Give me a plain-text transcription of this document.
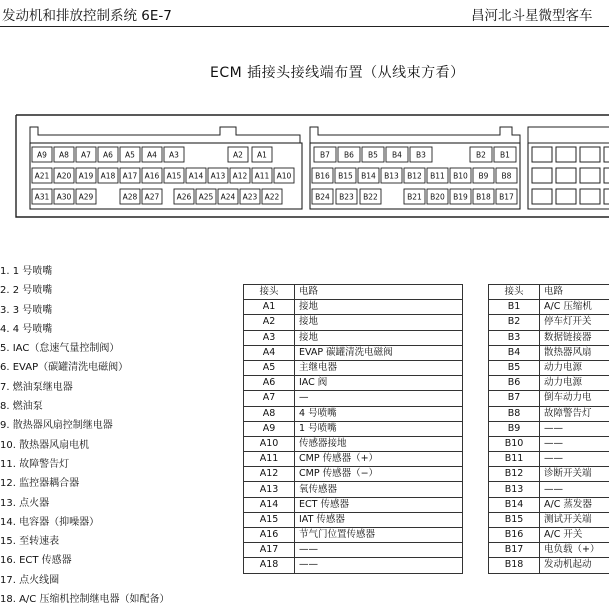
发动机和排放控制系统 6E-7	昌河北斗星微型客车
ECM 插接头接线端布置（从线束方看）
A9 A8 A7 A6 A5 A4 A3	A2 A1
A21 A20 A19 A18 A17 A16 A15 A14 A13 A12 A11 A10
A31 A30 A29	A28 A27 A26 A25 A24 A23 A22
B7 B6 B5 B4 B3	B2 B1
B16 B15 B14 B13 B12 B11 B10 B9 B8
B24 B23 B22	B21 B20 B19 B18 B17
1. 1 号喷嘴
2. 2 号喷嘴
3. 3 号喷嘴
4. 4 号喷嘴
5. IAC（怠速气量控制阀）
6. EVAP（碳罐清洗电磁阀）
7. 燃油泵继电器
8. 燃油泵
9. 散热器风扇控制继电器
10. 散热器风扇电机
11. 故障警告灯
12. 监控器耦合器
13. 点火器
14. 电容器（抑噪器）
15. 至转速表
16. ECT 传感器
17. 点火线圈
18. A/C 压缩机控制继电器（如配备）
接头	电路
A1	接地
A2	接地
A3	接地
A4	EVAP 碳罐清洗电磁阀
A5	主继电器
A6	IAC 阀
A7	—
A8	4 号喷嘴
A9	1 号喷嘴
A10	传感器接地
A11	CMP 传感器（+）
A12	CMP 传感器（−）
A13	氧传感器
A14	ECT 传感器
A15	IAT 传感器
A16	节气门位置传感器
A17	——
A18	——
接头	电路
B1	A/C 压缩机
B2	停车灯开关
B3	数据链接器
B4	散热器风扇
B5	动力电源
B6	动力电源
B7	倒车动力电
B8	故障警告灯
B9	——
B10	——
B11	——
B12	诊断开关端
B13	——
B14	A/C 蒸发器
B15	测试开关端
B16	A/C 开关
B17	电负载（+）
B18	发动机起动
